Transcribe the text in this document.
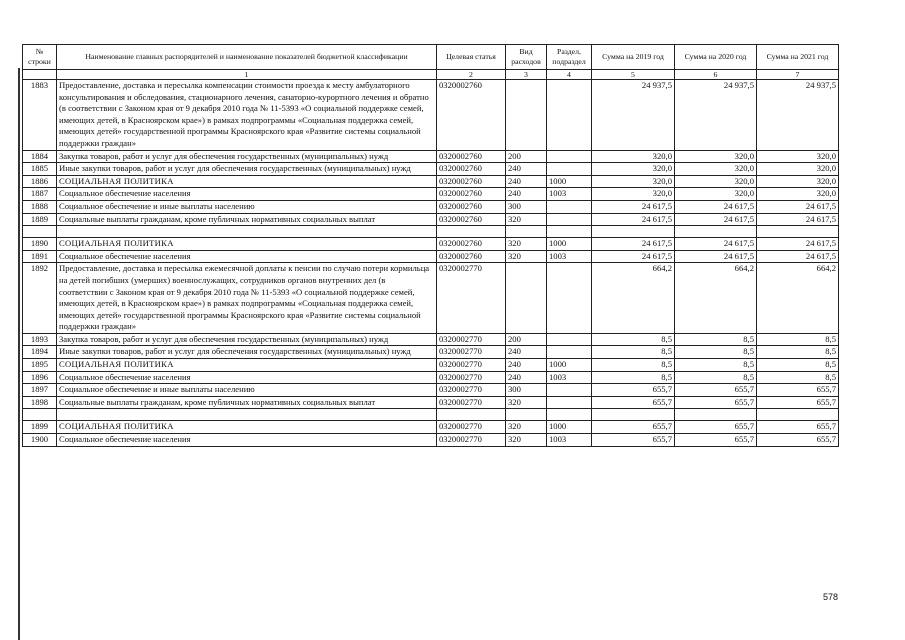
№ строки	Наименование главных распорядителей и наименование показателей бюджетной классификации	Целевая статья	Вид расходов	Раздел, подраздел	Сумма на 2019 год	Сумма на 2020 год	Сумма на 2021 год
	1	2	3	4	5	6	7
1883	Предоставление, доставка и пересылка компенсации стоимости проезда к месту амбулаторного консультирования и обследования, стационарного лечения, санаторно-курортного лечения и обратно (в соответствии с Законом края от 9 декабря 2010 года № 11-5393 «О социальной поддержке семей, имеющих детей, в Красноярском крае») в рамках подпрограммы «Социальная поддержка семей, имеющих детей» государственной программы Красноярского края «Развитие системы социальной поддержки граждан»	0320002760			24 937,5	24 937,5	24 937,5
1884	Закупка товаров, работ и услуг для обеспечения государственных (муниципальных) нужд	0320002760	200		320,0	320,0	320,0
1885	Иные закупки товаров, работ и услуг для обеспечения государственных (муниципальных) нужд	0320002760	240		320,0	320,0	320,0
1886	СОЦИАЛЬНАЯ ПОЛИТИКА	0320002760	240	1000	320,0	320,0	320,0
1887	Социальное обеспечение населения	0320002760	240	1003	320,0	320,0	320,0
1888	Социальное обеспечение и иные выплаты населению	0320002760	300		24 617,5	24 617,5	24 617,5
1889	Социальные выплаты гражданам, кроме публичных нормативных социальных выплат	0320002760	320		24 617,5	24 617,5	24 617,5

1890	СОЦИАЛЬНАЯ ПОЛИТИКА	0320002760	320	1000	24 617,5	24 617,5	24 617,5
1891	Социальное обеспечение населения	0320002760	320	1003	24 617,5	24 617,5	24 617,5
1892	Предоставление, доставка и пересылка ежемесячной доплаты к пенсии по случаю потери кормильца на детей погибших (умерших) военнослужащих, сотрудников органов внутренних дел (в соответствии с Законом края от 9 декабря 2010 года № 11-5393 «О социальной поддержке семей, имеющих детей, в Красноярском крае») в рамках подпрограммы «Социальная поддержка семей, имеющих детей» государственной программы Красноярского края «Развитие системы социальной поддержки граждан»	0320002770			664,2	664,2	664,2
1893	Закупка товаров, работ и услуг для обеспечения государственных (муниципальных) нужд	0320002770	200		8,5	8,5	8,5
1894	Иные закупки товаров, работ и услуг для обеспечения государственных (муниципальных) нужд	0320002770	240		8,5	8,5	8,5
1895	СОЦИАЛЬНАЯ ПОЛИТИКА	0320002770	240	1000	8,5	8,5	8,5
1896	Социальное обеспечение населения	0320002770	240	1003	8,5	8,5	8,5
1897	Социальное обеспечение и иные выплаты населению	0320002770	300		655,7	655,7	655,7
1898	Социальные выплаты гражданам, кроме публичных нормативных социальных выплат	0320002770	320		655,7	655,7	655,7

1899	СОЦИАЛЬНАЯ ПОЛИТИКА	0320002770	320	1000	655,7	655,7	655,7
1900	Социальное обеспечение населения	0320002770	320	1003	655,7	655,7	655,7
578
